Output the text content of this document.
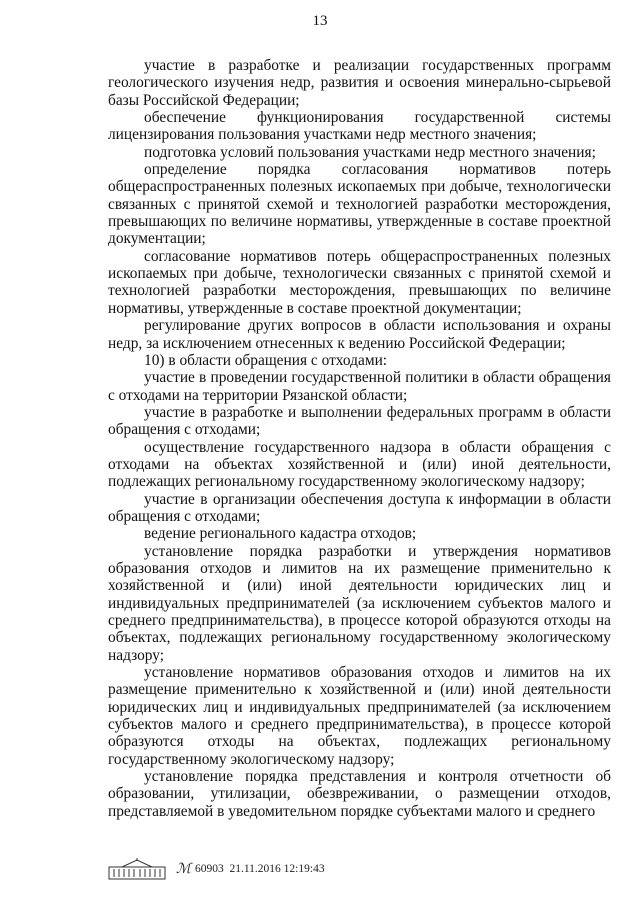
13

участие в разработке и реализации государственных программ геологического изучения недр, развития и освоения минерально-сырьевой базы Российской Федерации;

обеспечение функционирования государственной системы лицензирования пользования участками недр местного значения;

подготовка условий пользования участками недр местного значения;

определение порядка согласования нормативов потерь общераспространенных полезных ископаемых при добыче, технологически связанных с принятой схемой и технологией разработки месторождения, превышающих по величине нормативы, утвержденные в составе проектной документации;

согласование нормативов потерь общераспространенных полезных ископаемых при добыче, технологически связанных с принятой схемой и технологией разработки месторождения, превышающих по величине нормативы, утвержденные в составе проектной документации;

регулирование других вопросов в области использования и охраны недр, за исключением отнесенных к ведению Российской Федерации;

10) в области обращения с отходами:

участие в проведении государственной политики в области обращения с отходами на территории Рязанской области;

участие в разработке и выполнении федеральных программ в области обращения с отходами;

осуществление государственного надзора в области обращения с отходами на объектах хозяйственной и (или) иной деятельности, подлежащих региональному государственному экологическому надзору;

участие в организации обеспечения доступа к информации в области обращения с отходами;

ведение регионального кадастра отходов;

установление порядка разработки и утверждения нормативов образования отходов и лимитов на их размещение применительно к хозяйственной и (или) иной деятельности юридических лиц и индивидуальных предпринимателей (за исключением субъектов малого и среднего предпринимательства), в процессе которой образуются отходы на объектах, подлежащих региональному государственному экологическому надзору;

установление нормативов образования отходов и лимитов на их размещение применительно к хозяйственной и (или) иной деятельности юридических лиц и индивидуальных предпринимателей (за исключением субъектов малого и среднего предпринимательства), в процессе которой образуются отходы на объектах, подлежащих региональному государственному экологическому надзору;

установление порядка представления и контроля отчетности об образовании, утилизации, обезвреживании, о размещении отходов, представляемой в уведомительном порядке субъектами малого и среднего

ℳ 60903
21.11.2016 12:19:43
